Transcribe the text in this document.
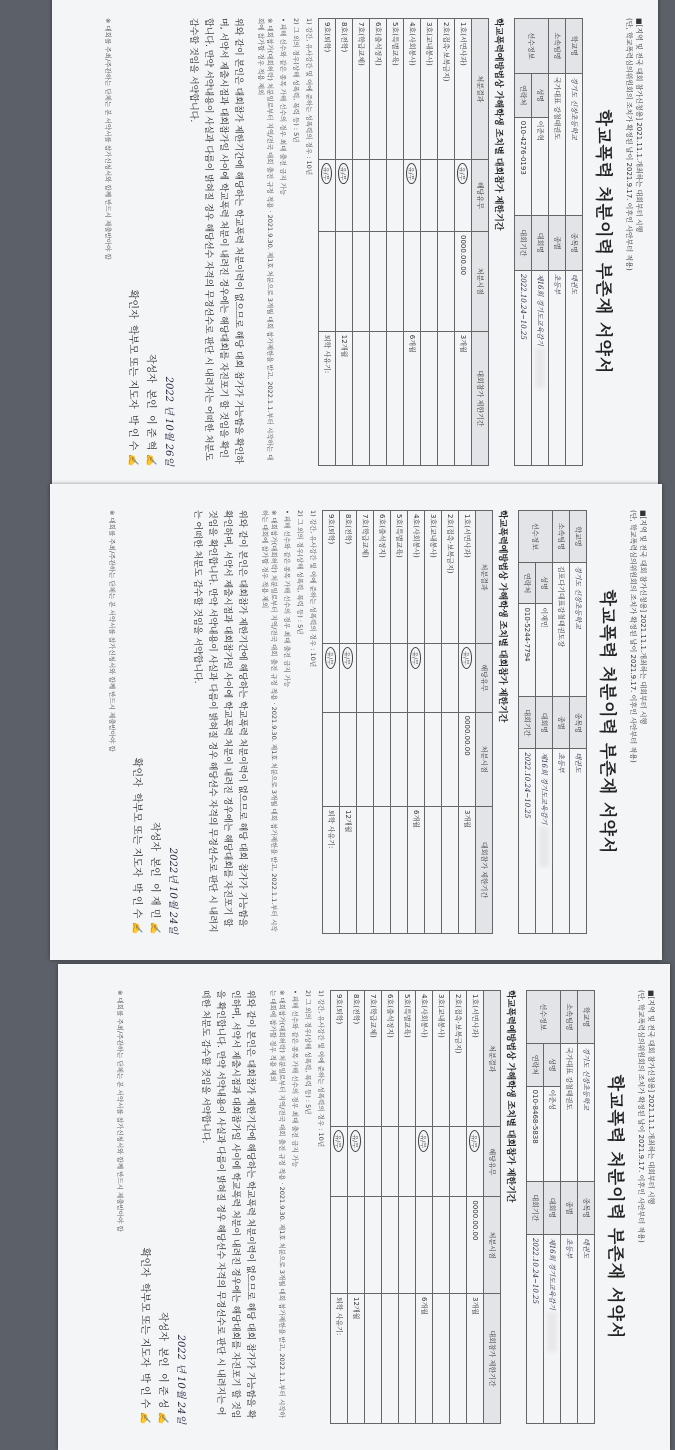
■[지역 및 전국 대회 참가신청용] 2021.11.1.개최하는 대회부터 시행
(단, 학교폭력심의위원회의 조치가 확정된 날이 2021.9.17. 이후인 사안부터 적용)
학교폭력 처분이력 부존재 서약서
학교명	경기도 신장초등학교		종목명	태권도
소속팀명	국가대표 강철태권도		종별	초등부
선수정보	성명	이준혁	대회명	제16회 경기도교육감기
	연락처	010-4276-0193	대회기간	2022.10.24~10.25
학교폭력예방법상 가해학생 조치별 대회참가 제한기간
처분결과	해당유무	처분시점	대회참가 제한기간
1호(서면사과)	유/무	0000.00.00	3개월
2호(접촉·보복금지)			
3호(교내봉사)			
4호(사회봉사)	유/무		6개월
5호(특별교육)			
6호(출석정지)			
7호(학급교체)			
8호(전학)	유/무		12개월
9호(퇴학)	유/무		퇴학 사유기:
1) 강간, 유사강간 및 이에 준하는 성폭력의 경우 : 10년
2) 그 외의 경우(상해 성폭력, 폭력 등) : 5년
• 피해 선수와 같은 종목 가해 선수의 경우 최대 출전 금지 가능
※ 대회참가(대회허락) 처분일로부터 지역/전국 대회 출전 규정 적용 · 2021.9.30. 제1호 처분으로 3개월 대회 참가제한을 받고, 2022.1.1.부터 시작하는 대회에 참가할 경우 적용 제외
위와 같이 본인은 대회참가 제한기간에 해당하는 학교폭력 처분이력이 없으므로 해당 대회 참가가 가능함을 확인하며, 서약서 제출시점과 대회참가일 사이에 학교폭력 처분이 내려진 경우에는 해당대회를 자진포기 할 것임을 확인합니다. 만약 서약내용이 사실과 다름이 밝혀질 경우 해당선수 자격의 무경선수로 판단 시 내려지는 어떠한 처분도 감수할 것임을 서약합니다.
2022 년 10월 26일
작성자  본인  이 준 혁 ✍
확인자  학부모 또는 지도자  박 인 수 ✍
※ 대회를 주최/주관하는 단체는 본 서약서를 참가신청서와 함께 반드시 제출받아야 함
■[지역 및 전국 대회 참가신청용] 2021.11.1.개최하는 대회부터 시행
(단, 학교폭력심의위원회의 조치가 확정된 날이 2021.9.17. 이후인 사안부터 적용)
학교폭력 처분이력 부존재 서약서
학교명	경기도 신장초등학교		종목명	태권도
소속팀명	김포다기대표강철태권도장		종별	초등부
선수정보	성명	이재민	대회명	제16회 경기도교육감기
	연락처	010-5244-7794	대회기간	2022.10.24~10.25
학교폭력예방법상 가해학생 조치별 대회참가 제한기간
처분결과	해당유무	처분시점	대회참가 제한기간
1호(서면사과)	유/무	0000.00.00	3개월
2호(접촉·보복금지)			
3호(교내봉사)			
4호(사회봉사)	유/무		6개월
5호(특별교육)			
6호(출석정지)			
7호(학급교체)			
8호(전학)	유/무		12개월
9호(퇴학)	유/무		퇴학 사유기:
1) 강간, 유사강간 및 이에 준하는 성폭력의 경우 : 10년
2) 그 외의 경우(상해 성폭력, 폭력 등) : 5년
• 피해 선수와 같은 종목 가해 선수의 경우 최대 출전 금지 가능
※ 대회참가(대회허락) 처분일로부터 지역/전국 대회 출전 규정 적용 · 2021.9.30. 제1호 처분으로 3개월 대회 참가제한을 받고, 2022.1.1.부터 시작하는 대회에 참가할 경우 적용 제외
위와 같이 본인은 대회참가 제한기간에 해당하는 학교폭력 처분이력이 없으므로 해당 대회 참가가 가능함을 확인하며, 서약서 제출시점과 대회참가일 사이에 학교폭력 처분이 내려진 경우에는 해당대회를 자진포기 할 것임을 확인합니다. 만약 서약내용이 사실과 다름이 밝혀질 경우 해당선수 자격의 무경선수로 판단 시 내려지는 어떠한 처분도 감수할 것임을 서약합니다.
2022년 10월 24일
작성자  본인  이 재 민 ✍
확인자  학부모 또는 지도자  박 인 수 ✍
※ 대회를 주최/주관하는 단체는 본 서약서를 참가신청서와 함께 반드시 제출받아야 함
■[지역 및 전국 대회 참가신청용] 2021.11.1.개최하는 대회부터 시행
(단, 학교폭력심의위원회의 조치가 확정된 날이 2021.9.17. 이후인 사안부터 적용)
학교폭력 처분이력 부존재 서약서
학교명	경기도 신장초등학교		종목명	태권도
소속팀명	국가대표 강철태권도		종별	초등부
선수정보	성명	이준성	대회명	제16회 경기도교육감기
	연락처	010-8468-5838	대회기간	2022.10.24~10.25
학교폭력예방법상 가해학생 조치별 대회참가 제한기간
처분결과	해당유무	처분시점	대회참가 제한기간
1호(서면사과)	유/무	0000.00.00	3개월
2호(접촉·보복금지)			
3호(교내봉사)			
4호(사회봉사)	유/무		6개월
5호(특별교육)			
6호(출석정지)			
7호(학급교체)			
8호(전학)	유/무		12개월
9호(퇴학)	유/무		퇴학 사유기:
1) 강간, 유사강간 및 이에 준하는 성폭력의 경우 : 10년
2) 그 외의 경우(상해 성폭력, 폭력 등) : 5년
• 피해 선수와 같은 종목 가해 선수의 경우 최대 출전 금지 가능
※ 대회참가(대회허락) 처분일로부터 지역/전국 대회 출전 규정 적용 · 2021.9.30. 제1호 처분으로 3개월 대회 참가제한을 받고, 2022.1.1.부터 시작하는 대회에 참가할 경우 적용 제외
위와 같이 본인은 대회참가 제한기간에 해당하는 학교폭력 처분이력이 없으므로 해당 대회 참가가 가능함을 확인하며, 서약서 제출시점과 대회참가일 사이에 학교폭력 처분이 내려진 경우에는 해당대회를 자진포기 할 것임을 확인합니다. 만약 서약내용이 사실과 다름이 밝혀질 경우 해당선수 자격의 무경선수로 판단 시 내려지는 어떠한 처분도 감수할 것임을 서약합니다.
2022 년 10월 24일
작성자  본인  이 준 성 ✍
확인자  학부모 또는 지도자  박 인 수 ✍
※ 대회를 주최/주관하는 단체는 본 서약서를 참가신청서와 함께 반드시 제출받아야 함
